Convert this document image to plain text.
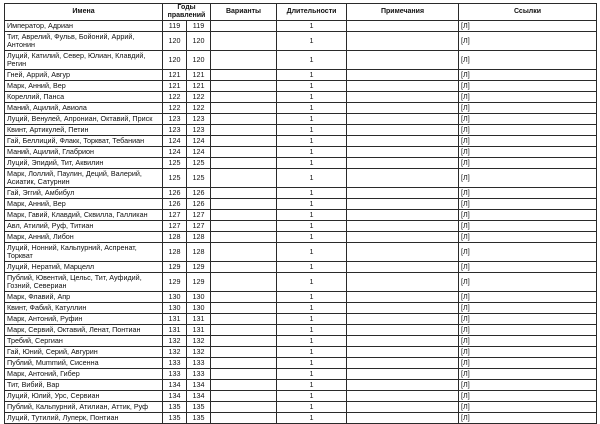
Имена	Годы правлений		Варианты	Длительности	Примечания	Ссылки
Император, Адриан	119	119		1		[Л]
Тит, Аврелий, Фульв, Бойоний, Аррий, Антонин	120	120		1		[Л]
Луций, Катилий, Север, Юлиан, Клавдий, Регин	120	120		1		[Л]
Гней, Аррий, Авгур	121	121		1		[Л]
Марк, Анний, Вер	121	121		1		[Л]
Кореллий, Панса	122	122		1		[Л]
Маний, Ацилий, Авиола	122	122		1		[Л]
Луций, Венулей, Апрониан, Октавий, Приск	123	123		1		[Л]
Квинт, Артикулей, Петин	123	123		1		[Л]
Гай, Беллиций, Флакк, Торкват, Тебаниан	124	124		1		[Л]
Маний, Ацилий, Глабрион	124	124		1		[Л]
Луций, Эпидий, Тит, Аквилин	125	125		1		[Л]
Марк, Лоллий, Паулин, Деций, Валерий, Асиатик, Сатурнин	125	125		1		[Л]
Гай, Эггий, Амбибул	126	126		1		[Л]
Марк, Анний, Вер	126	126		1		[Л]
Марк, Гавий, Клавдий, Сквилла, Галликан	127	127		1		[Л]
Авл, Атилий, Руф, Титиан	127	127		1		[Л]
Марк, Анний, Либон	128	128		1		[Л]
Луций, Нонний, Кальпурний, Аспренат, Торкват	128	128		1		[Л]
Луций, Нератий, Марцелл	129	129		1		[Л]
Публий, Ювентий, Цельс, Тит, Ауфидий, Гозний, Севериан	129	129		1		[Л]
Марк, Флавий, Апр	130	130		1		[Л]
Квинт, Фабий, Катуллин	130	130		1		[Л]
Марк, Антоний, Руфин	131	131		1		[Л]
Марк, Сервий, Октавий, Ленат, Понтиан	131	131		1		[Л]
Требий, Сергиан	132	132		1		[Л]
Гай, Юний, Серий, Авгурин	132	132		1		[Л]
Публий, Мummий, Сисенна	133	133		1		[Л]
Марк, Антоний, Гибер	133	133		1		[Л]
Тит, Вибий, Вар	134	134		1		[Л]
Луций, Юлий, Урс, Сервиан	134	134		1		[Л]
Публий, Кальпурний, Атилиан, Аттик, Руф	135	135		1		[Л]
Луций, Тутилий, Луперк, Понтиан	135	135		1		[Л]
